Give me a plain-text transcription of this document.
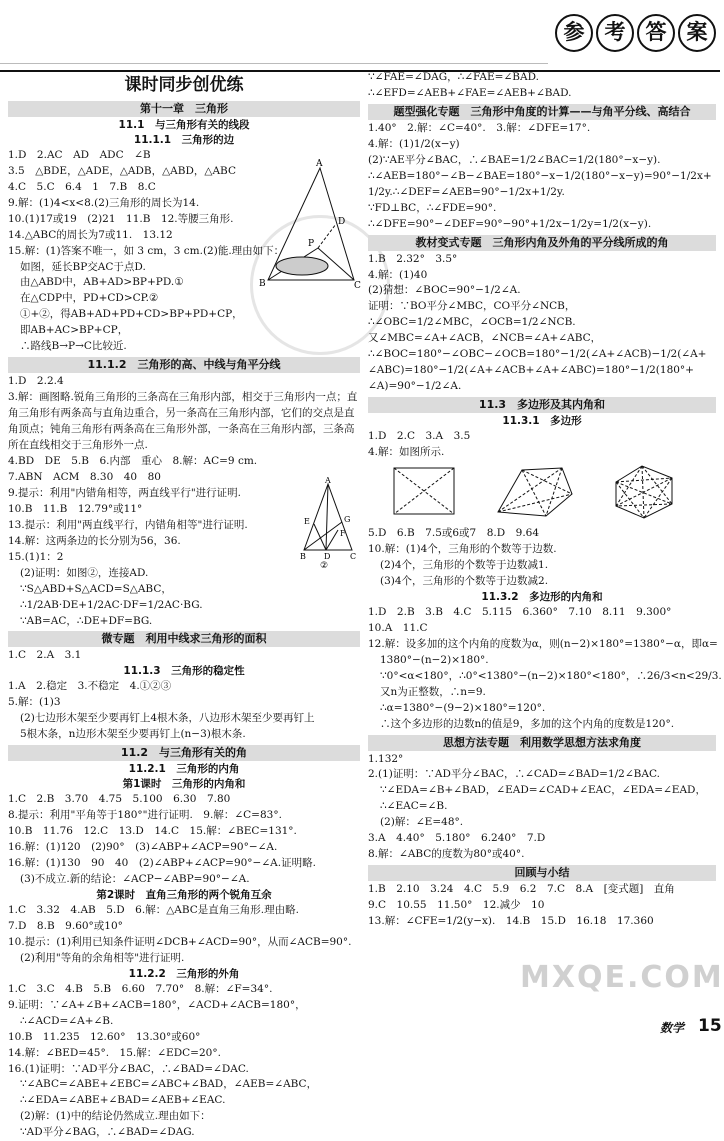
参 考 答 案
课时同步创优练
第十一章　三角形
11.1　与三角形有关的线段
11.1.1　三角形的边
1.D　2.AC　AD　ADC　∠B
3.5　△BDE，△ADE，△ADB，△ABD，△ABC
4.C　5.C　6.4　1　7.B　8.C
9.解：(1)4<x<8.(2)三角形的周长为14.
10.(1)17或19　(2)21　11.B　12.等腰三角形.
14.△ABC的周长为7或11.　13.12
15.解：(1)答案不唯一，如 3 cm，3 cm.(2)能.理由如下：
如图，延长BP交AC于点D.
由△ABD中，AB+AD>BP+PD.①
在△CDP中，PD+CD>CP.②
①+②，得AB+AD+PD+CD>BP+PD+CP，
即AB+AC>BP+CP，
∴路线B→P→C比较近.
11.1.2　三角形的高、中线与角平分线
1.D　2.2.4
3.解：画图略.锐角三角形的三条高在三角形内部，相交于三角形内一点；直角三角形有两条高与直角边重合，另一条高在三角形内部，它们的交点是直角顶点；钝角三角形有两条高在三角形外部，一条高在三角形内部，三条高所在直线相交于三角形外一点.
4.BD　DE　5.B　6.内部　重心　8.解：AC=9 cm.
7.ABN　ACM　8.30　40　80
9.提示：利用"内错角相等，两直线平行"进行证明.
10.B　11.B　12.79°或11°
13.提示：利用"两直线平行，内错角相等"进行证明.
14.解：这两条边的长分别为56，36.
15.(1)1：2
(2)证明：如图②，连接AD.
∵S△ABD+S△ACD=S△ABC，
∴1/2AB·DE+1/2AC·DF=1/2AC·BG.
∵AB=AC，∴DE+DF=BG.
微专题　利用中线求三角形的面积
1.C　2.A　3.1
11.1.3　三角形的稳定性
1.A　2.稳定　3.不稳定　4.①②③
5.解：(1)3
(2)七边形木架至少要再钉上4根木条，八边形木架至少要再钉上
5根木条，n边形木架至少要再钉上(n−3)根木条.
11.2　与三角形有关的角
11.2.1　三角形的内角
第1课时　三角形的内角和
1.C　2.B　3.70　4.75　5.100　6.30　7.80
8.提示：利用"平角等于180°"进行证明.　9.解：∠C=83°.
10.B　11.76　12.C　13.D　14.C　15.解：∠BEC=131°.
16.解：(1)120　(2)90°　(3)∠ABP+∠ACP=90°−∠A.
16.解：(1)130　90　40　(2)∠ABP+∠ACP=90°−∠A.证明略.
(3)不成立.新的结论：∠ACP−∠ABP=90°−∠A.
第2课时　直角三角形的两个锐角互余
1.C　3.32　4.AB　5.D　6.解：△ABC是直角三角形.理由略.
7.D　8.B　9.60°或10°
10.提示：(1)利用已知条件证明∠DCB+∠ACD=90°，从而∠ACB=90°.
(2)利用"等角的余角相等"进行证明.
11.2.2　三角形的外角
1.C　3.C　4.B　5.B　6.60　7.70°　8.解：∠F=34°.
9.证明：∵∠A+∠B+∠ACB=180°，∠ACD+∠ACB=180°，
∴∠ACD=∠A+∠B.
10.B　11.235　12.60°　13.30°或60°
14.解：∠BED=45°.　15.解：∠EDC=20°.
16.(1)证明：∵AD平分∠BAC，∴∠BAD=∠DAC.
∵∠ABC=∠ABE+∠EBC=∠ABC+∠BAD，∠AEB=∠ABC，
∴∠EDA=∠ABE+∠BAD=∠AEB+∠EAC.
(2)解：(1)中的结论仍然成立.理由如下：
∵AD平分∠BAG，∴∠BAD=∠DAG.
∵∠FAE=∠DAG，∴∠FAE=∠BAD.
∴∠EFD=∠AEB+∠FAE=∠AEB+∠BAD.
题型强化专题　三角形中角度的计算——与角平分线、高结合
1.40°　2.解：∠C=40°.　3.解：∠DFE=17°.
4.解：(1)1/2(x−y)
(2)∵AE平分∠BAC，∴∠BAE=1/2∠BAC=1/2(180°−x−y).
∴∠AEB=180°−∠B−∠BAE=180°−x−1/2(180°−x−y)=90°−1/2x+
1/2y.∴∠DEF=∠AEB=90°−1/2x+1/2y.
∵FD⊥BC，∴∠FDE=90°.
∴∠DFE=90°−∠DEF=90°−90°+1/2x−1/2y=1/2(x−y).
教材变式专题　三角形内角及外角的平分线所成的角
1.B　2.32°　3.5°
4.解：(1)40
(2)猜想：∠BOC=90°−1/2∠A.
证明：∵BO平分∠MBC，CO平分∠NCB，
∴∠OBC=1/2∠MBC，∠OCB=1/2∠NCB.
又∠MBC=∠A+∠ACB，∠NCB=∠A+∠ABC，
∴∠BOC=180°−∠OBC−∠OCB=180°−1/2(∠A+∠ACB)−1/2(∠A+
∠ABC)=180°−1/2(∠A+∠ACB+∠A+∠ABC)=180°−1/2(180°+
∠A)=90°−1/2∠A.
11.3　多边形及其内角和
11.3.1　多边形
1.D　2.C　3.A　3.5
4.解：如图所示.
5.D　6.B　7.5或6或7　8.D　9.64
10.解：(1)4个，三角形的个数等于边数.
(2)4个，三角形的个数等于边数减1.
(3)4个，三角形的个数等于边数减2.
11.3.2　多边形的内角和
1.D　2.B　3.B　4.C　5.115　6.360°　7.10　8.11　9.300°
10.A　11.C
12.解：设多加的这个内角的度数为α，则(n−2)×180°=1380°−α，即α=
1380°−(n−2)×180°.
∵0°<α<180°，∴0°<1380°−(n−2)×180°<180°，∴26/3<n<29/3.
又n为正整数，∴n=9.
∴α=1380°−(9−2)×180°=120°.
∴这个多边形的边数n的值是9，多加的这个内角的度数是120°.
思想方法专题　利用数学思想方法求角度
1.132°
2.(1)证明：∵AD平分∠BAC，∴∠CAD=∠BAD=1/2∠BAC.
∵∠EDA=∠B+∠BAD，∠EAD=∠CAD+∠EAC，∠EDA=∠EAD，
∴∠EAC=∠B.
(2)解：∠E=48°.
3.A　4.40°　5.180°　6.240°　7.D
8.解：∠ABC的度数为80°或40°.
回顾与小结
1.B　2.10　3.24　4.C　5.9　6.2　7.C　8.A　[变式题]　直角
9.C　10.55　11.50°　12.减少　10
13.解：∠CFE=1/2(y−x).　14.B　15.D　16.18　17.360
A
B	C
P
D
A
E	G
F
B D C
②
MXQE.COM
数学 15
